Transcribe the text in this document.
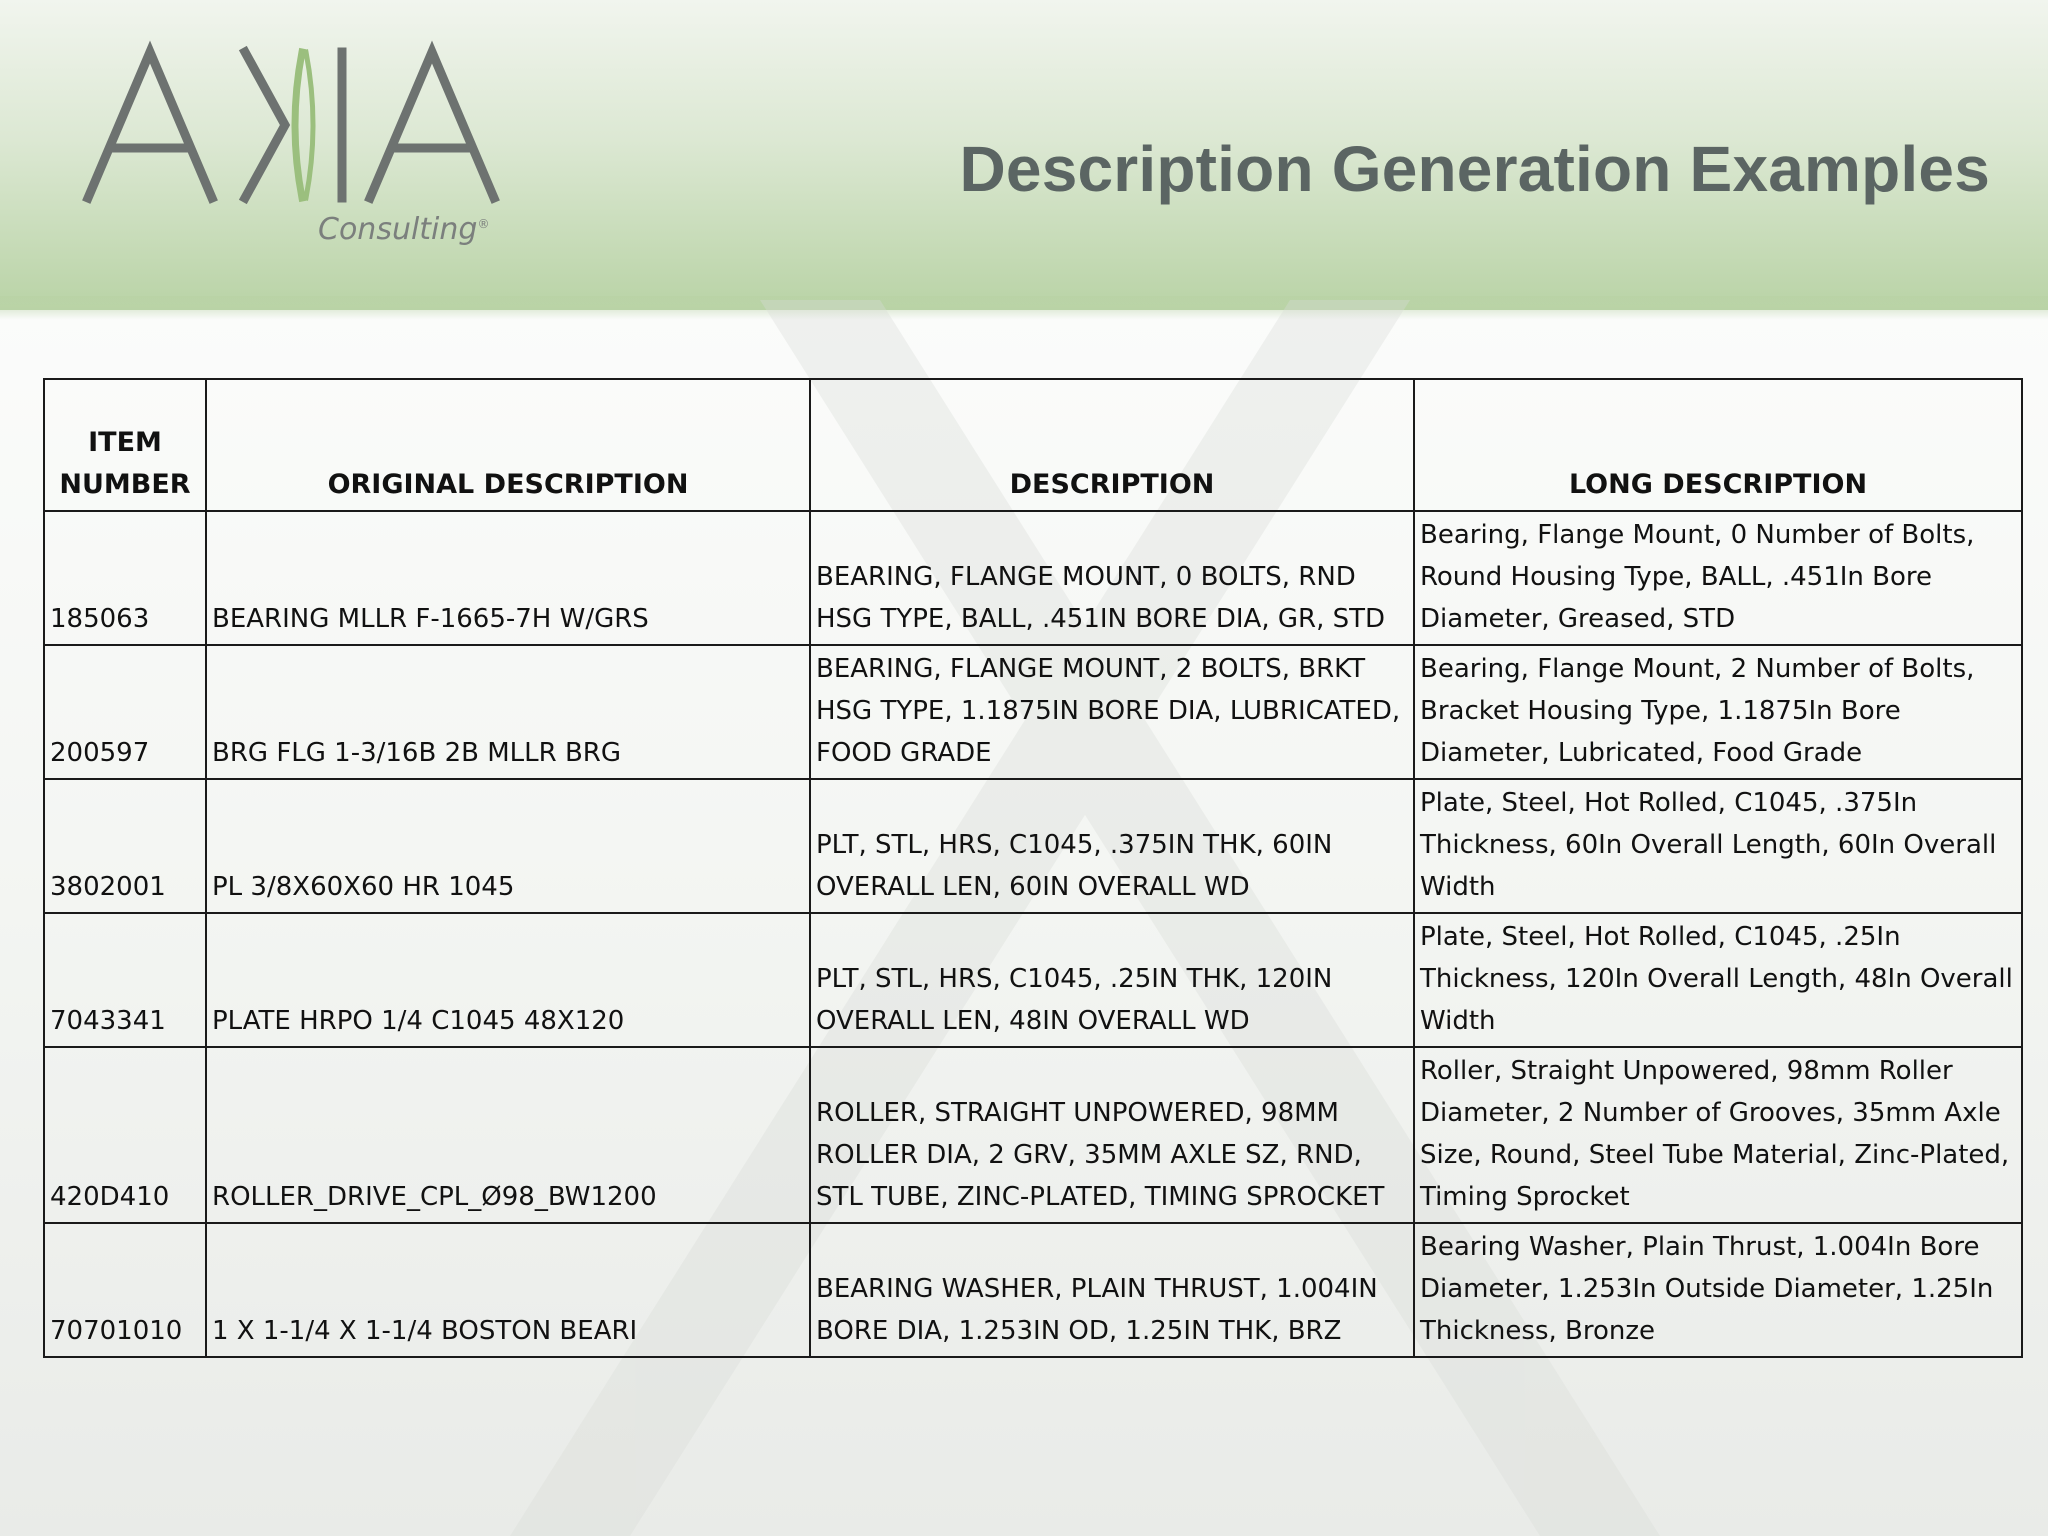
Consulting®
Description Generation Examples
ITEM NUMBER	ORIGINAL DESCRIPTION	DESCRIPTION	LONG DESCRIPTION
185063	BEARING MLLR F-1665-7H W/GRS	BEARING, FLANGE MOUNT, 0 BOLTS, RND HSG TYPE, BALL, .451IN BORE DIA, GR, STD	Bearing, Flange Mount, 0 Number of Bolts, Round Housing Type, BALL, .451In Bore Diameter, Greased, STD
200597	BRG FLG 1-3/16B 2B MLLR BRG	BEARING, FLANGE MOUNT, 2 BOLTS, BRKT HSG TYPE, 1.1875IN BORE DIA, LUBRICATED, FOOD GRADE	Bearing, Flange Mount, 2 Number of Bolts, Bracket Housing Type, 1.1875In Bore Diameter, Lubricated, Food Grade
3802001	PL 3/8X60X60 HR 1045	PLT, STL, HRS, C1045, .375IN THK, 60IN OVERALL LEN, 60IN OVERALL WD	Plate, Steel, Hot Rolled, C1045, .375In Thickness, 60In Overall Length, 60In Overall Width
7043341	PLATE HRPO 1/4 C1045 48X120	PLT, STL, HRS, C1045, .25IN THK, 120IN OVERALL LEN, 48IN OVERALL WD	Plate, Steel, Hot Rolled, C1045, .25In Thickness, 120In Overall Length, 48In Overall Width
420D410	ROLLER_DRIVE_CPL_Ø98_BW1200	ROLLER, STRAIGHT UNPOWERED, 98MM ROLLER DIA, 2 GRV, 35MM AXLE SZ, RND, STL TUBE, ZINC-PLATED, TIMING SPROCKET	Roller, Straight Unpowered, 98mm Roller Diameter, 2 Number of Grooves, 35mm Axle Size, Round, Steel Tube Material, Zinc-Plated, Timing Sprocket
70701010	1 X 1-1/4 X 1-1/4 BOSTON BEARI	BEARING WASHER, PLAIN THRUST, 1.004IN BORE DIA, 1.253IN OD, 1.25IN THK, BRZ	Bearing Washer, Plain Thrust, 1.004In Bore Diameter, 1.253In Outside Diameter, 1.25In Thickness, Bronze
